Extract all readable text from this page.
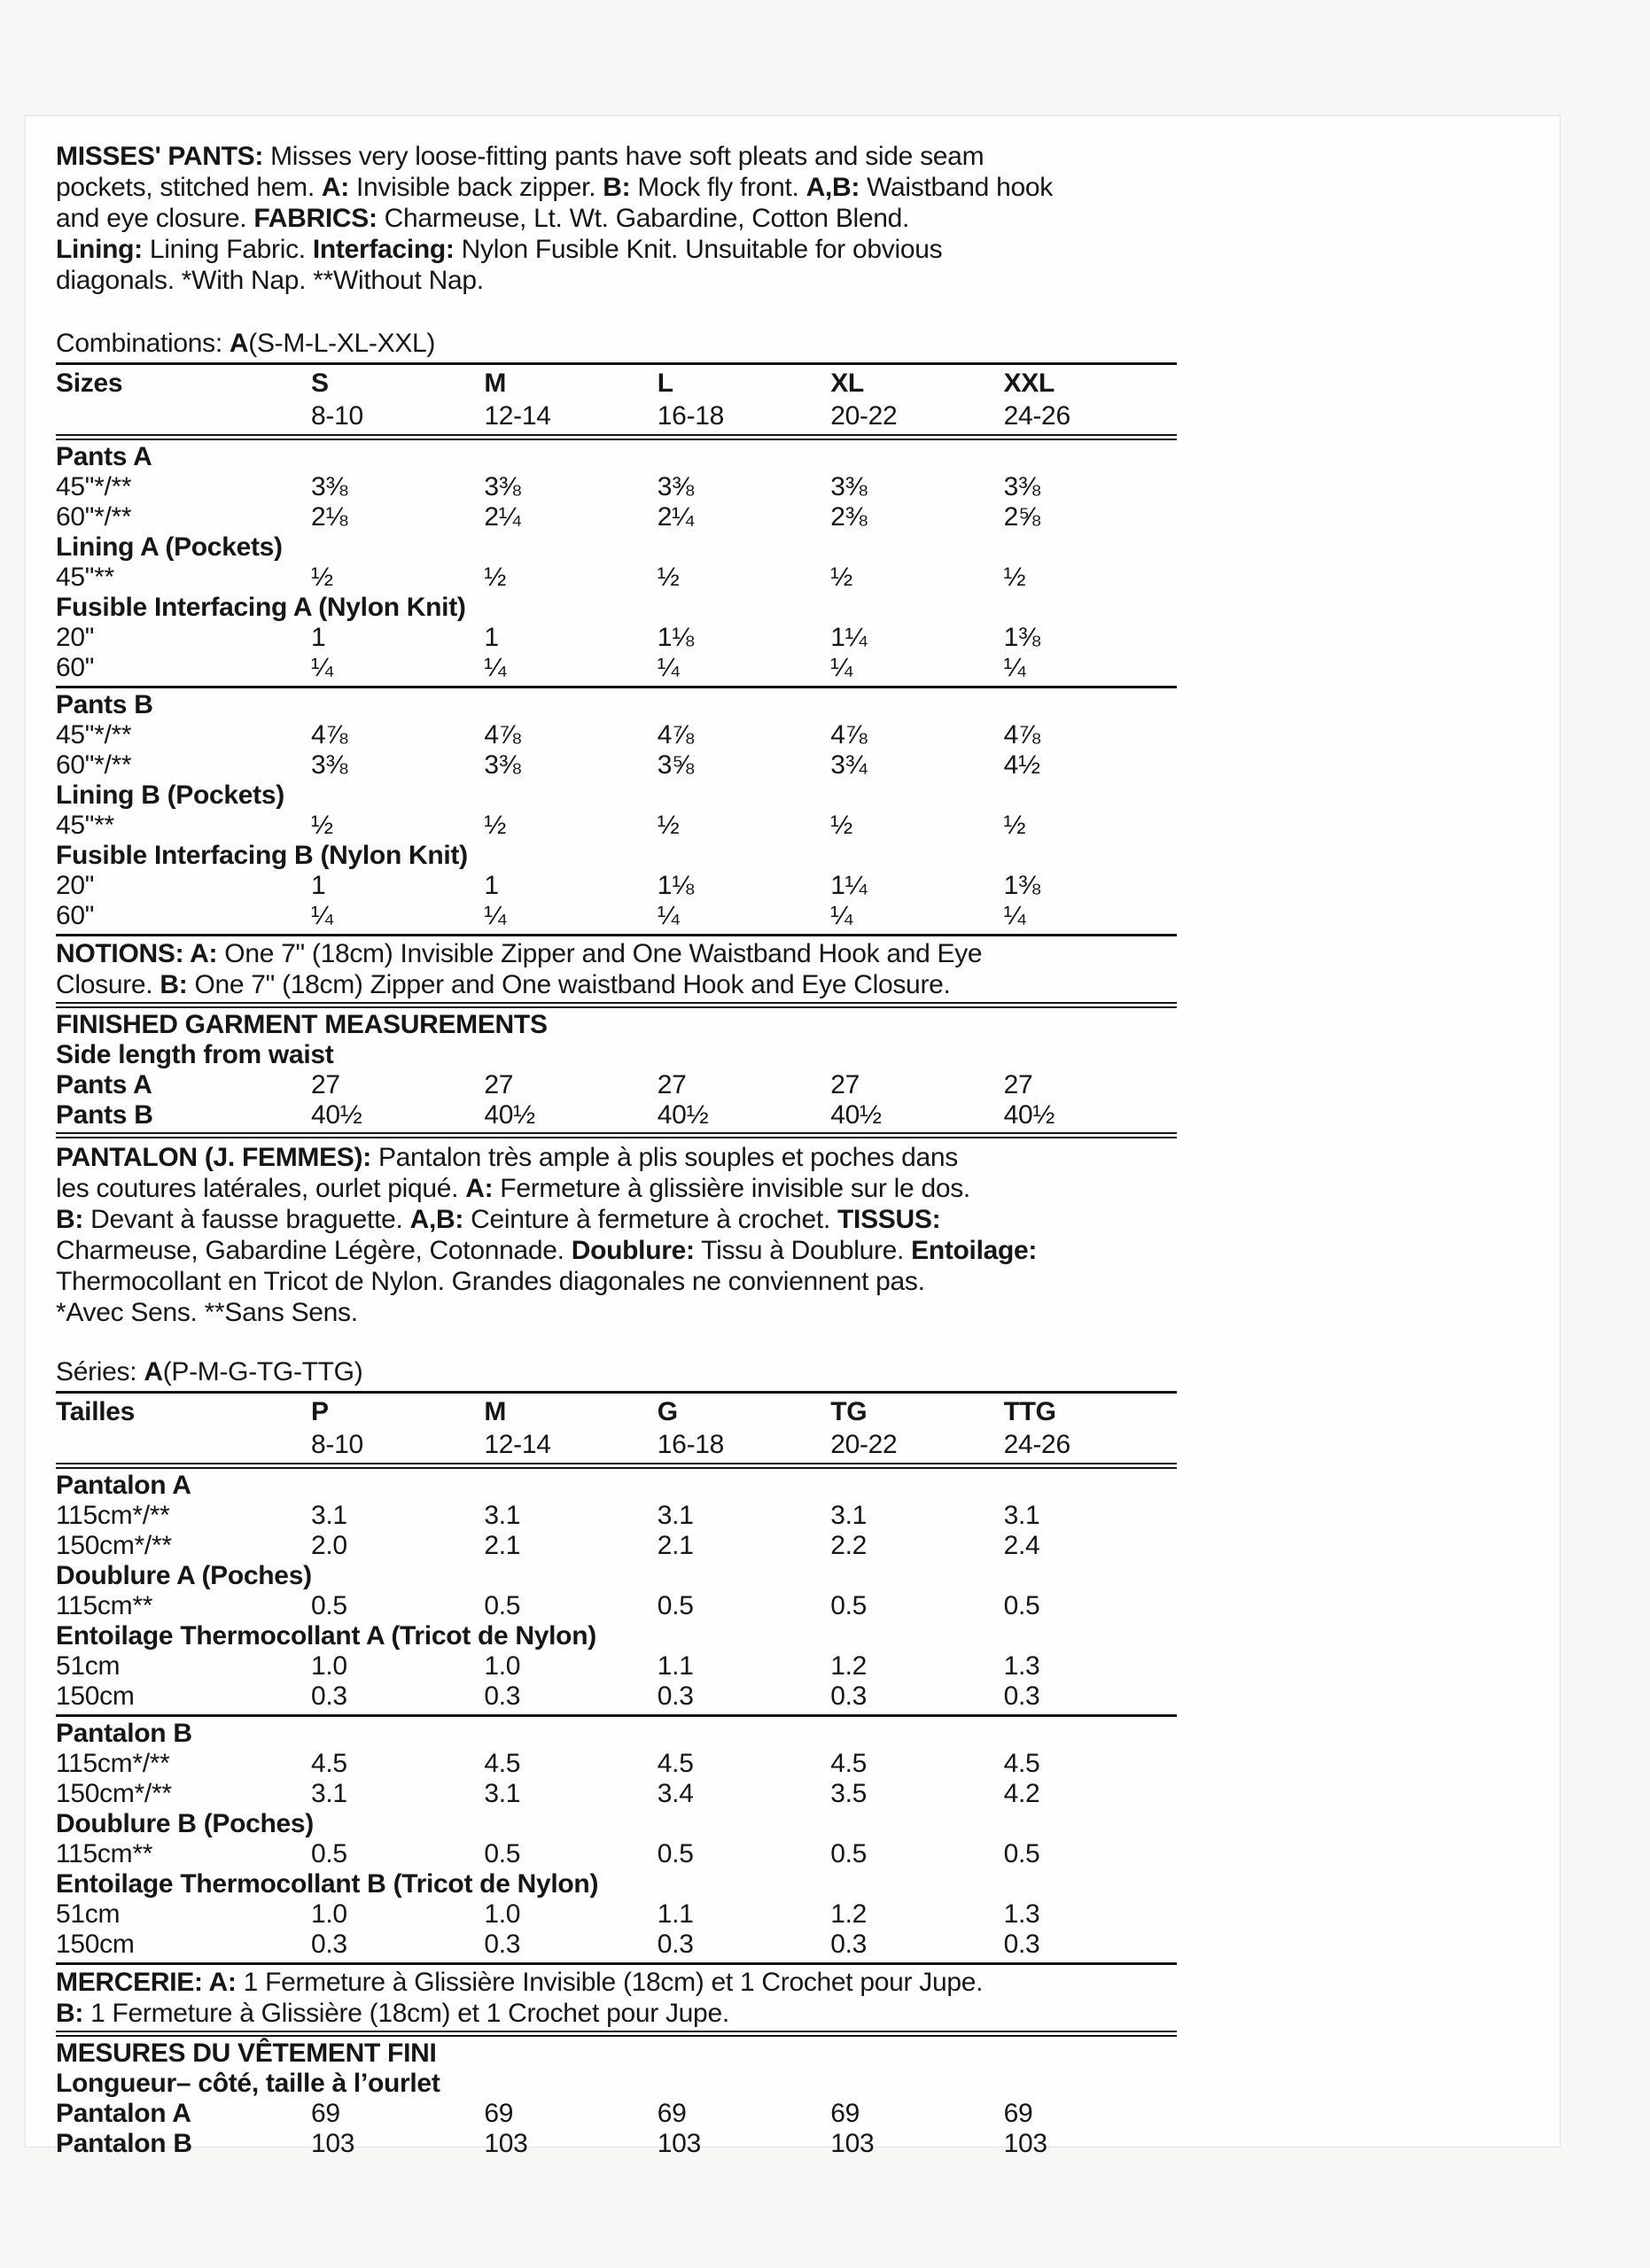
MISSES' PANTS: Misses very loose-fitting pants have soft pleats and side seam
pockets, stitched hem. A: Invisible back zipper. B: Mock fly front. A,B: Waistband hook
and eye closure. FABRICS: Charmeuse, Lt. Wt. Gabardine, Cotton Blend.
Lining: Lining Fabric. Interfacing: Nylon Fusible Knit. Unsuitable for obvious
diagonals. *With Nap. **Without Nap.

Combinations: A(S-M-L-XL-XXL)

Sizes	S	M	L	XL	XXL
8-10	12-14	16-18	20-22	24-26
Pants A
45"*/**	3⅜	3⅜	3⅜	3⅜	3⅜
60"*/**	2⅛	2¼	2¼	2⅜	2⅝
Lining A (Pockets)
45"**	½	½	½	½	½
Fusible Interfacing A (Nylon Knit)
20"	1	1	1⅛	1¼	1⅜
60"	¼	¼	¼	¼	¼
Pants B
45"*/**	4⅞	4⅞	4⅞	4⅞	4⅞
60"*/**	3⅜	3⅜	3⅝	3¾	4½
Lining B (Pockets)
45"**	½	½	½	½	½
Fusible Interfacing B (Nylon Knit)
20"	1	1	1⅛	1¼	1⅜
60"	¼	¼	¼	¼	¼

NOTIONS: A: One 7" (18cm) Invisible Zipper and One Waistband Hook and Eye
Closure. B: One 7" (18cm) Zipper and One waistband Hook and Eye Closure.

FINISHED GARMENT MEASUREMENTS
Side length from waist
Pants A	27	27	27	27	27
Pants B	40½	40½	40½	40½	40½

PANTALON (J. FEMMES): Pantalon très ample à plis souples et poches dans
les coutures latérales, ourlet piqué. A: Fermeture à glissière invisible sur le dos.
B: Devant à fausse braguette. A,B: Ceinture à fermeture à crochet. TISSUS:
Charmeuse, Gabardine Légère, Cotonnade. Doublure: Tissu à Doublure. Entoilage:
Thermocollant en Tricot de Nylon. Grandes diagonales ne conviennent pas.
*Avec Sens. **Sans Sens.

Séries: A(P-M-G-TG-TTG)

Tailles	P	M	G	TG	TTG
8-10	12-14	16-18	20-22	24-26
Pantalon A
115cm*/**	3.1	3.1	3.1	3.1	3.1
150cm*/**	2.0	2.1	2.1	2.2	2.4
Doublure A (Poches)
115cm**	0.5	0.5	0.5	0.5	0.5
Entoilage Thermocollant A (Tricot de Nylon)
51cm	1.0	1.0	1.1	1.2	1.3
150cm	0.3	0.3	0.3	0.3	0.3
Pantalon B
115cm*/**	4.5	4.5	4.5	4.5	4.5
150cm*/**	3.1	3.1	3.4	3.5	4.2
Doublure B (Poches)
115cm**	0.5	0.5	0.5	0.5	0.5
Entoilage Thermocollant B (Tricot de Nylon)
51cm	1.0	1.0	1.1	1.2	1.3
150cm	0.3	0.3	0.3	0.3	0.3

MERCERIE: A: 1 Fermeture à Glissière Invisible (18cm) et 1 Crochet pour Jupe.
B: 1 Fermeture à Glissière (18cm) et 1 Crochet pour Jupe.

MESURES DU VÊTEMENT FINI
Longueur– côté, taille à l’ourlet
Pantalon A	69	69	69	69	69
Pantalon B	103	103	103	103	103
